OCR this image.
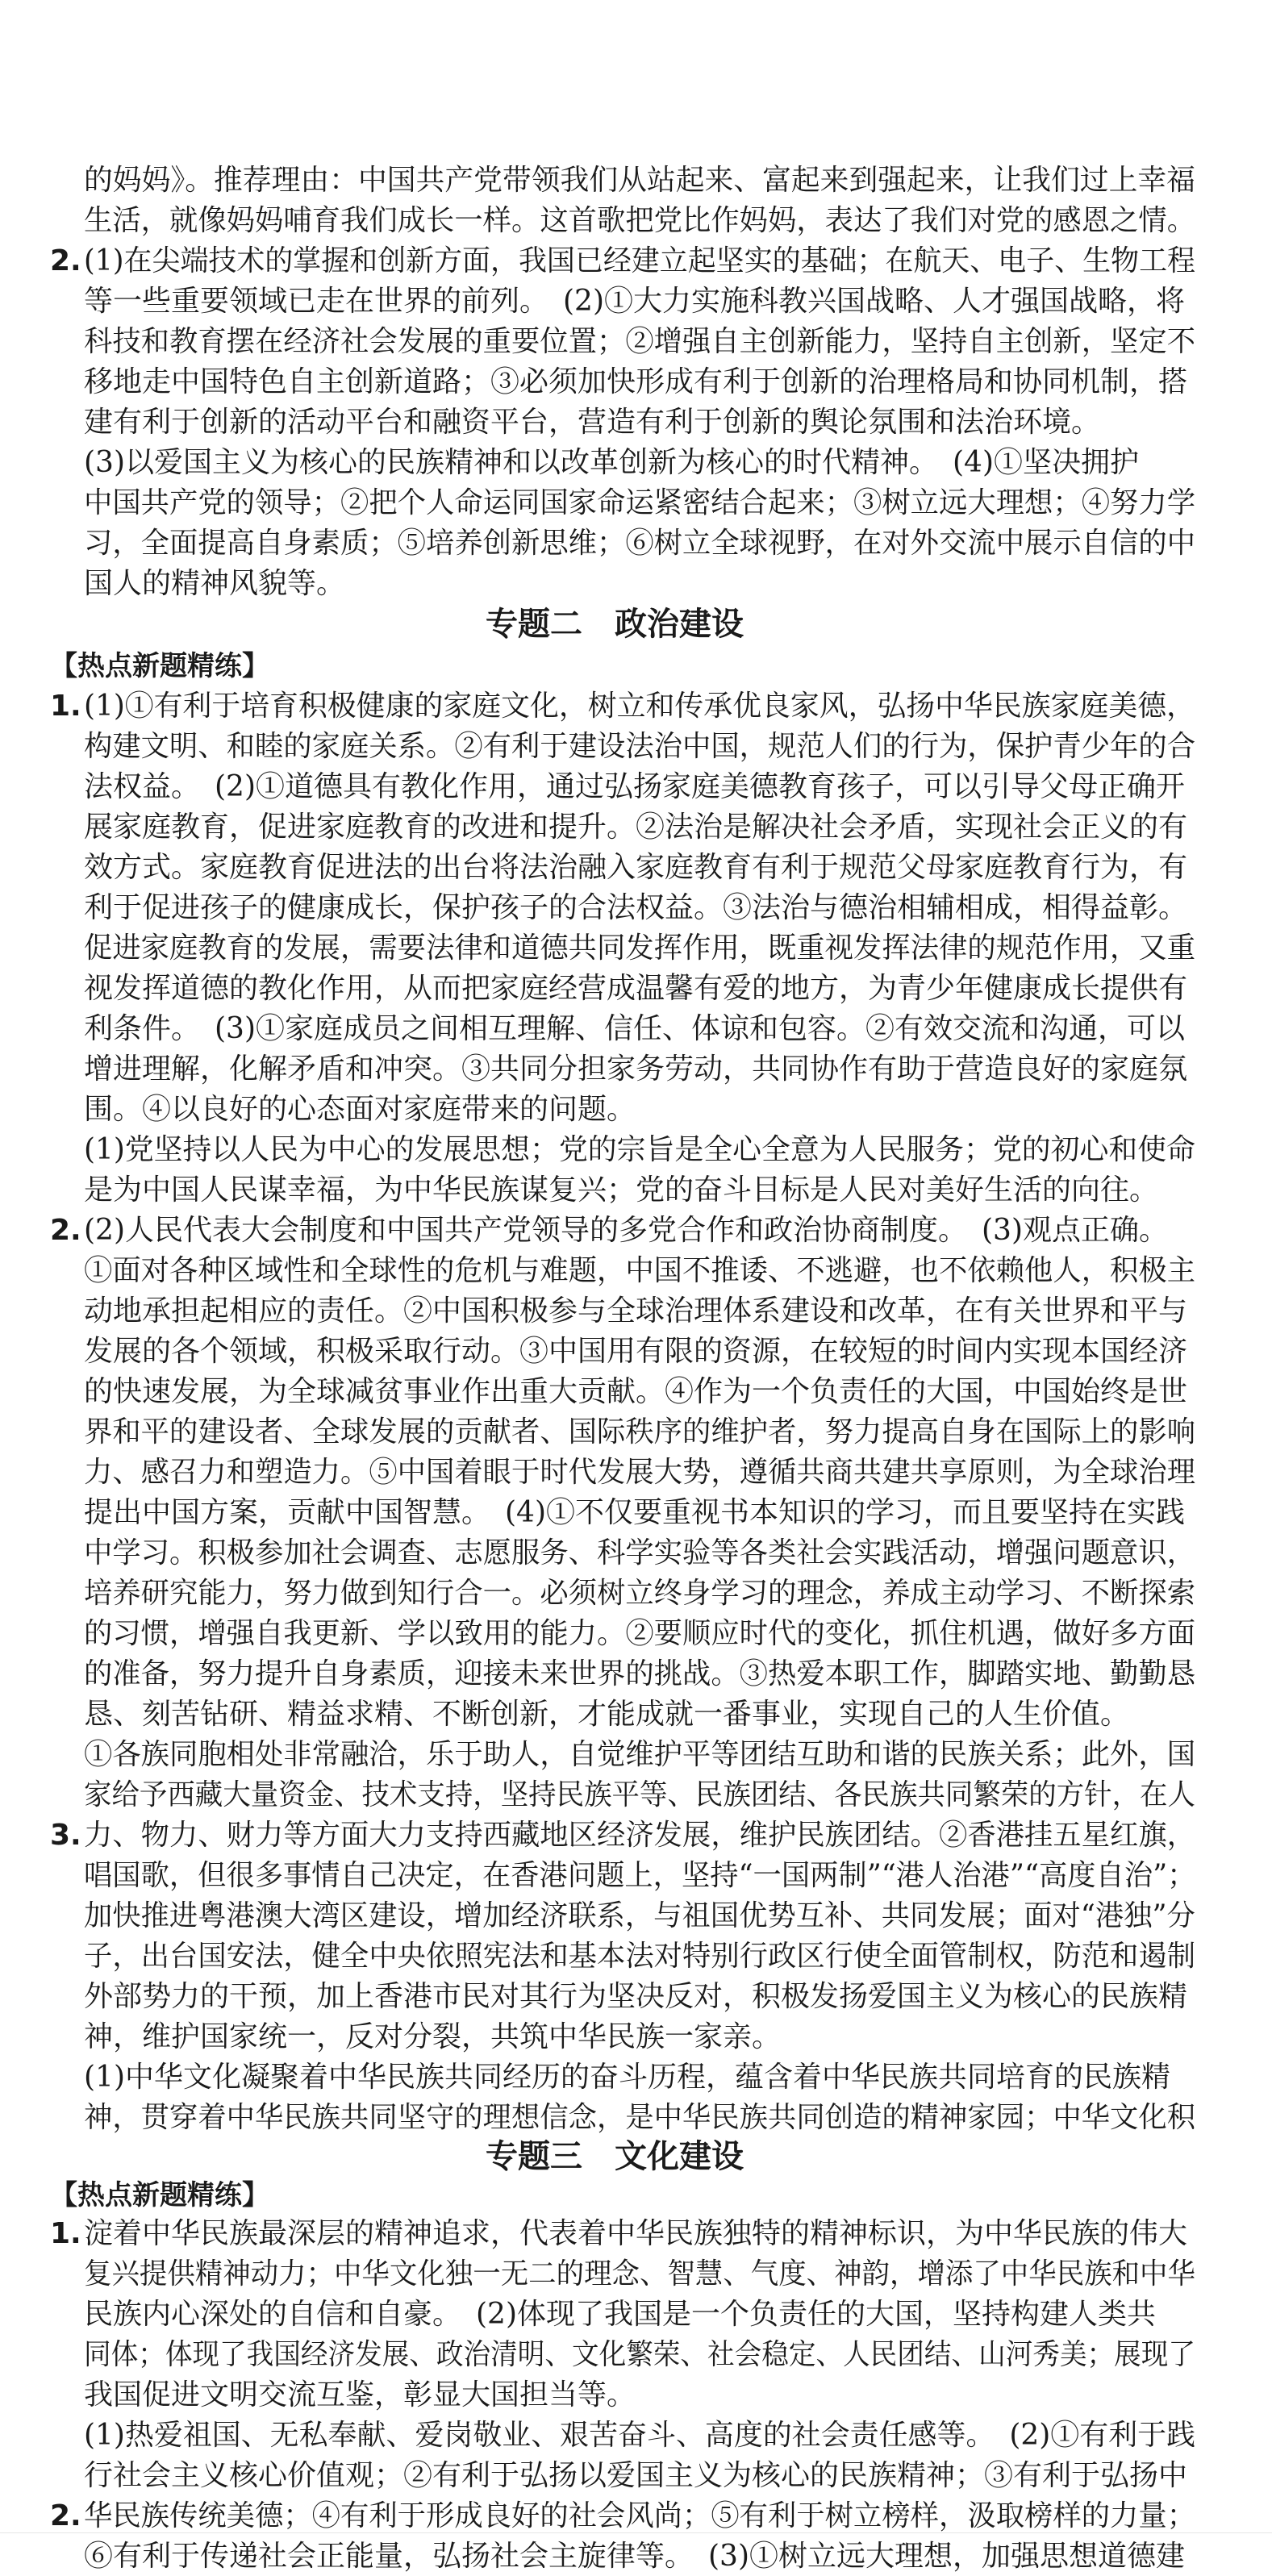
的妈妈》。推荐理由：中国共产党带领我们从站起来、富起来到强起来，让我们过上幸福
生活，就像妈妈哺育我们成长一样。这首歌把党比作妈妈，表达了我们对党的感恩之情。
2. (1)在尖端技术的掌握和创新方面，我国已经建立起坚实的基础；在航天、电子、生物工程
等一些重要领域已走在世界的前列。　(2)①大力实施科教兴国战略、人才强国战略，将
科技和教育摆在经济社会发展的重要位置；②增强自主创新能力，坚持自主创新，坚定不
移地走中国特色自主创新道路；③必须加快形成有利于创新的治理格局和协同机制，搭
建有利于创新的活动平台和融资平台，营造有利于创新的舆论氛围和法治环境。
(3)以爱国主义为核心的民族精神和以改革创新为核心的时代精神。　(4)①坚决拥护
中国共产党的领导；②把个人命运同国家命运紧密结合起来；③树立远大理想；④努力学
习，全面提高自身素质；⑤培养创新思维；⑥树立全球视野，在对外交流中展示自信的中
国人的精神风貌等。
专题二　政治建设
【热点新题精练】
1. (1)①有利于培育积极健康的家庭文化，树立和传承优良家风，弘扬中华民族家庭美德，
构建文明、和睦的家庭关系。②有利于建设法治中国，规范人们的行为，保护青少年的合
法权益。　(2)①道德具有教化作用，通过弘扬家庭美德教育孩子，可以引导父母正确开
展家庭教育，促进家庭教育的改进和提升。②法治是解决社会矛盾，实现社会正义的有
效方式。家庭教育促进法的出台将法治融入家庭教育有利于规范父母家庭教育行为，有
利于促进孩子的健康成长，保护孩子的合法权益。③法治与德治相辅相成，相得益彰。
促进家庭教育的发展，需要法律和道德共同发挥作用，既重视发挥法律的规范作用，又重
视发挥道德的教化作用，从而把家庭经营成温馨有爱的地方，为青少年健康成长提供有
利条件。　(3)①家庭成员之间相互理解、信任、体谅和包容。②有效交流和沟通，可以
增进理解，化解矛盾和冲突。③共同分担家务劳动，共同协作有助于营造良好的家庭氛
围。④以良好的心态面对家庭带来的问题。
(1)党坚持以人民为中心的发展思想；党的宗旨是全心全意为人民服务；党的初心和使命
是为中国人民谋幸福，为中华民族谋复兴；党的奋斗目标是人民对美好生活的向往。
2. (2)人民代表大会制度和中国共产党领导的多党合作和政治协商制度。　(3)观点正确。
①面对各种区域性和全球性的危机与难题，中国不推诿、不逃避，也不依赖他人，积极主
动地承担起相应的责任。②中国积极参与全球治理体系建设和改革，在有关世界和平与
发展的各个领域，积极采取行动。③中国用有限的资源，在较短的时间内实现本国经济
的快速发展，为全球减贫事业作出重大贡献。④作为一个负责任的大国，中国始终是世
界和平的建设者、全球发展的贡献者、国际秩序的维护者，努力提高自身在国际上的影响
力、感召力和塑造力。⑤中国着眼于时代发展大势，遵循共商共建共享原则，为全球治理
提出中国方案，贡献中国智慧。　(4)①不仅要重视书本知识的学习，而且要坚持在实践
中学习。积极参加社会调查、志愿服务、科学实验等各类社会实践活动，增强问题意识，
培养研究能力，努力做到知行合一。必须树立终身学习的理念，养成主动学习、不断探索
的习惯，增强自我更新、学以致用的能力。②要顺应时代的变化，抓住机遇，做好多方面
的准备，努力提升自身素质，迎接未来世界的挑战。③热爱本职工作，脚踏实地、勤勤恳
恳、刻苦钻研、精益求精、不断创新，才能成就一番事业，实现自己的人生价值。
①各族同胞相处非常融洽，乐于助人，自觉维护平等团结互助和谐的民族关系；此外，国
家给予西藏大量资金、技术支持，坚持民族平等、民族团结、各民族共同繁荣的方针，在人
3. 力、物力、财力等方面大力支持西藏地区经济发展，维护民族团结。②香港挂五星红旗，
唱国歌，但很多事情自己决定，在香港问题上，坚持“一国两制”“港人治港”“高度自治”；
加快推进粤港澳大湾区建设，增加经济联系，与祖国优势互补、共同发展；面对“港独”分
子，出台国安法，健全中央依照宪法和基本法对特别行政区行使全面管制权，防范和遏制
外部势力的干预，加上香港市民对其行为坚决反对，积极发扬爱国主义为核心的民族精
神，维护国家统一，反对分裂，共筑中华民族一家亲。
(1)中华文化凝聚着中华民族共同经历的奋斗历程，蕴含着中华民族共同培育的民族精
神，贯穿着中华民族共同坚守的理想信念，是中华民族共同创造的精神家园；中华文化积
专题三　文化建设
【热点新题精练】
1. 淀着中华民族最深层的精神追求，代表着中华民族独特的精神标识，为中华民族的伟大
复兴提供精神动力；中华文化独一无二的理念、智慧、气度、神韵，增添了中华民族和中华
民族内心深处的自信和自豪。　(2)体现了我国是一个负责任的大国，坚持构建人类共
同体；体现了我国经济发展、政治清明、文化繁荣、社会稳定、人民团结、山河秀美；展现了
我国促进文明交流互鉴，彰显大国担当等。
(1)热爱祖国、无私奉献、爱岗敬业、艰苦奋斗、高度的社会责任感等。　(2)①有利于践
行社会主义核心价值观；②有利于弘扬以爱国主义为核心的民族精神；③有利于弘扬中
2. 华民族传统美德；④有利于形成良好的社会风尚；⑤有利于树立榜样，汲取榜样的力量；
⑥有利于传递社会正能量，弘扬社会主旋律等。　(3)①树立远大理想，加强思想道德建
